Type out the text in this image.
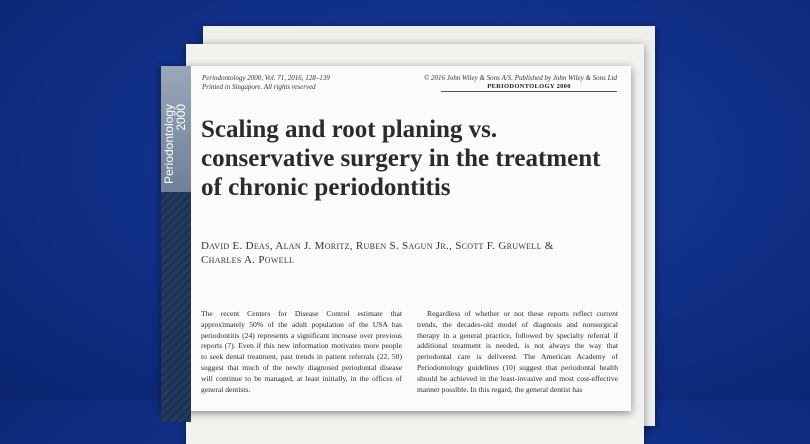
Periodontology
2000
Periodontology 2000, Vol. 71, 2016, 128–139
Printed in Singapore. All rights reserved
© 2016 John Wiley & Sons A/S. Published by John Wiley & Sons Ltd
PERIODONTOLOGY 2000
Scaling and root planing vs. conservative surgery in the treatment of chronic periodontitis
David E. Deas, Alan J. Moritz, Ruben S. Sagun Jr., Scott F. Gruwell &
Charles A. Powell
The recent Centers for Disease Control estimate that approximately 50% of the adult population of the USA has periodontitis (24) represents a significant increase over previous reports (7). Even if this new information motivates more people to seek dental treatment, past trends in patient referrals (22, 50) suggest that much of the newly diagnosed periodontal disease will continue to be managed, at least initially, in the offices of general dentists.
Regardless of whether or not these reports reflect current trends, the decades-old model of diagnosis and nonsurgical therapy in a general practice, followed by specialty referral if additional treatment is needed, is not always the way that periodontal care is delivered. The American Academy of Periodontology guidelines (10) suggest that periodontal health should be achieved in the least-invasive and most cost-effective manner possible. In this regard, the general dentist has
